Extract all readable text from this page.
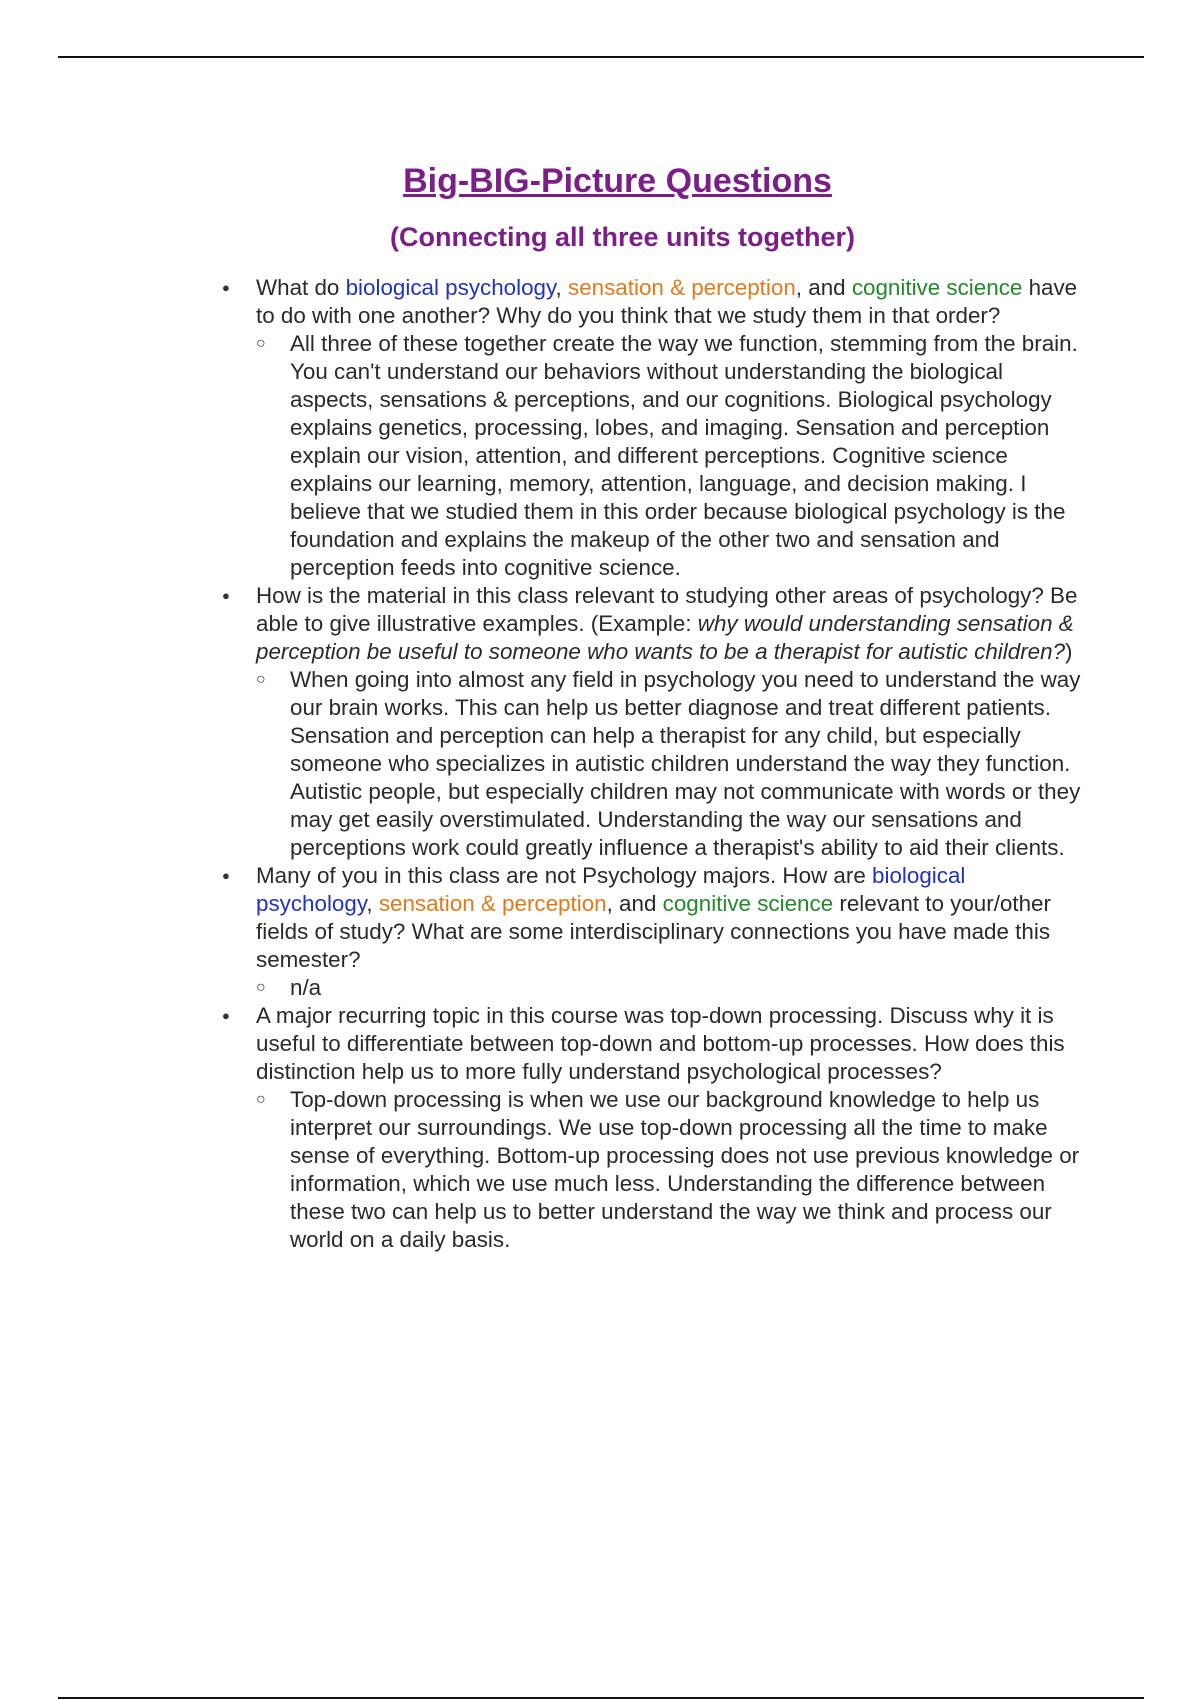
Big-BIG-Picture Questions
(Connecting all three units together)

● What do biological psychology, sensation & perception, and cognitive science have to do with one another? Why do you think that we study them in that order?

○ All three of these together create the way we function, stemming from the brain. You can't understand our behaviors without understanding the biological aspects, sensations & perceptions, and our cognitions. Biological psychology explains genetics, processing, lobes, and imaging. Sensation and perception explain our vision, attention, and different perceptions. Cognitive science explains our learning, memory, attention, language, and decision making. I believe that we studied them in this order because biological psychology is the foundation and explains the makeup of the other two and sensation and perception feeds into cognitive science.

● How is the material in this class relevant to studying other areas of psychology? Be able to give illustrative examples. (Example: why would understanding sensation & perception be useful to someone who wants to be a therapist for autistic children?)

○ When going into almost any field in psychology you need to understand the way our brain works. This can help us better diagnose and treat different patients. Sensation and perception can help a therapist for any child, but especially someone who specializes in autistic children understand the way they function. Autistic people, but especially children may not communicate with words or they may get easily overstimulated. Understanding the way our sensations and perceptions work could greatly influence a therapist's ability to aid their clients.

● Many of you in this class are not Psychology majors. How are biological psychology, sensation & perception, and cognitive science relevant to your/other fields of study? What are some interdisciplinary connections you have made this semester?

○ n/a

● A major recurring topic in this course was top-down processing. Discuss why it is useful to differentiate between top-down and bottom-up processes. How does this distinction help us to more fully understand psychological processes?

○ Top-down processing is when we use our background knowledge to help us interpret our surroundings. We use top-down processing all the time to make sense of everything. Bottom-up processing does not use previous knowledge or information, which we use much less. Understanding the difference between these two can help us to better understand the way we think and process our world on a daily basis.
